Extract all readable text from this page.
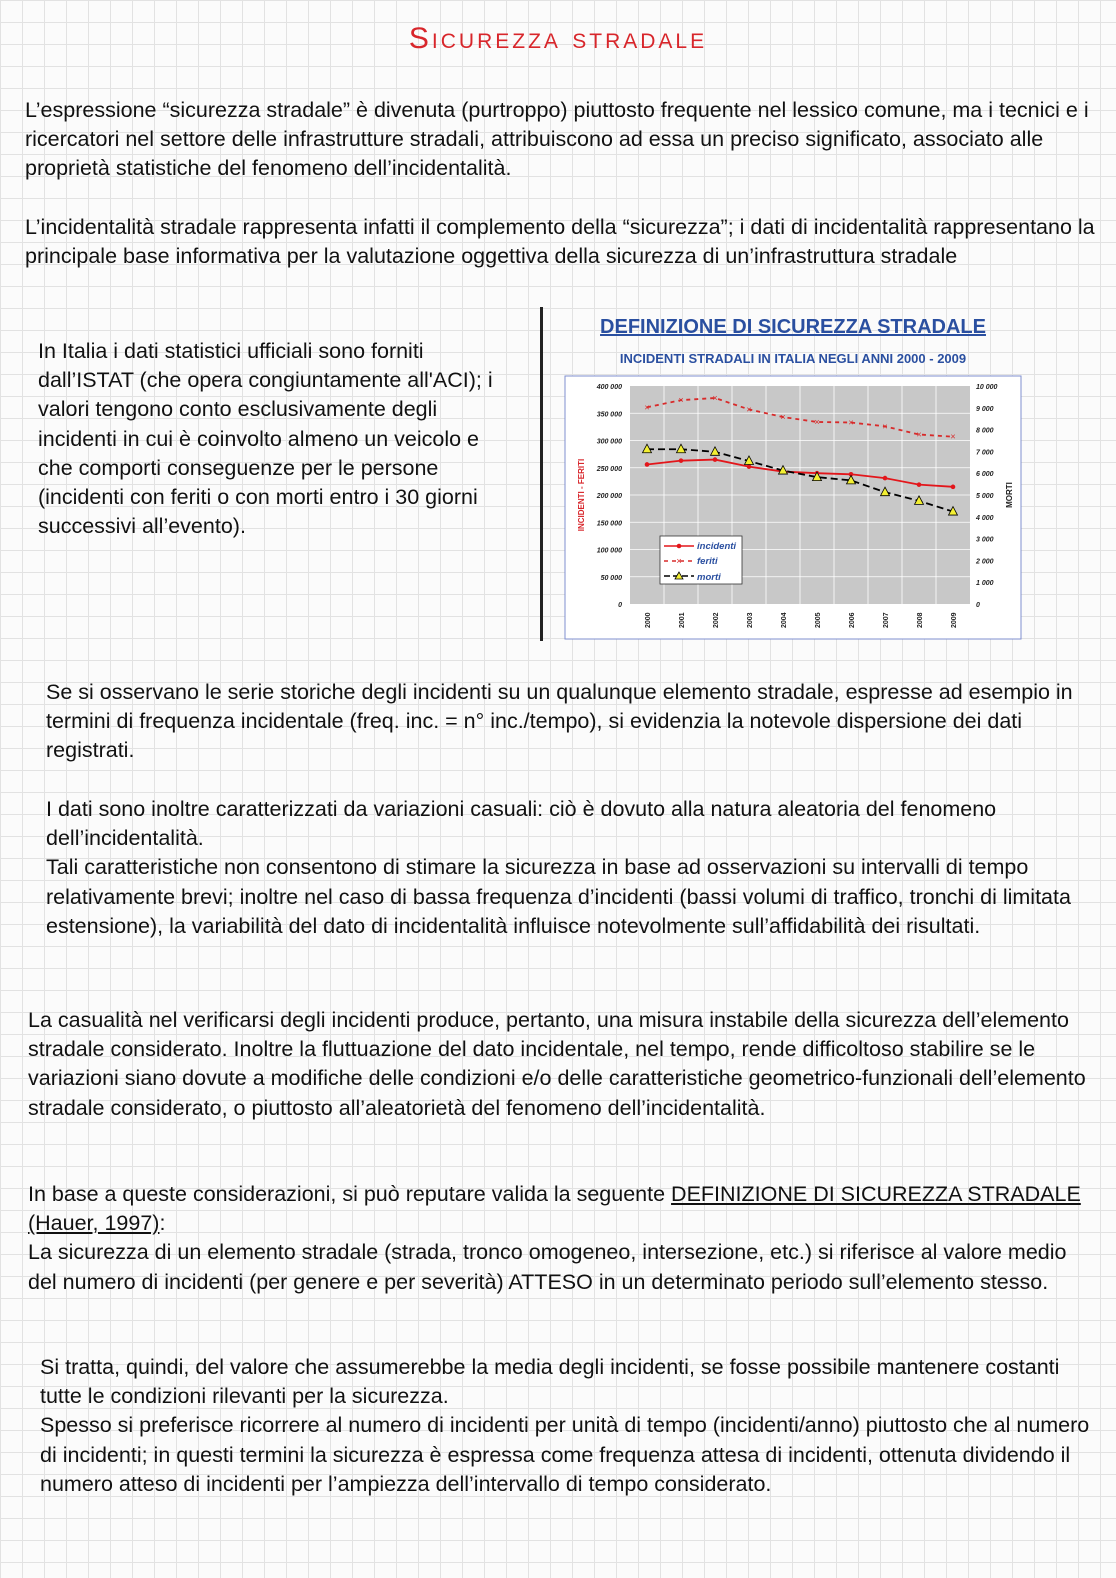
Sicurezza stradale

L’espressione “sicurezza stradale” è divenuta (purtroppo) piuttosto frequente nel lessico comune, ma i tecnici e i ricercatori nel settore delle infrastrutture stradali, attribuiscono ad essa un preciso significato, associato alle proprietà statistiche del fenomeno dell’incidentalità.

L’incidentalità stradale rappresenta infatti il complemento della “sicurezza”; i dati di incidentalità rappresentano la principale base informativa per la valutazione oggettiva della sicurezza di un’infrastruttura stradale

In Italia i dati statistici ufficiali sono forniti dall’ISTAT (che opera congiuntamente all'ACI); i valori tengono conto esclusivamente degli incidenti in cui è coinvolto almeno un veicolo e che comporti conseguenze per le persone (incidenti con feriti o con morti entro i 30 giorni successivi all’evento).

DEFINIZIONE DI SICUREZZA STRADALE
INCIDENTI STRADALI IN ITALIA NEGLI ANNI 2000 - 2009
×
×	×
×
×	×	×	×
×	×
INCIDENTI - FERITI	MORTI
400 000
350 000
300 000
250 000
200 000
150 000
100 000
50 000
0
10 000
9 000
8 000
7 000
6 000
5 000
4 000
3 000
2 000
1 000
0
2000	2001	2002	2003	2004	2005	2006	2007	2008	2009
incidenti
× feriti
morti

Se si osservano le serie storiche degli incidenti su un qualunque elemento stradale, espresse ad esempio in termini di frequenza incidentale (freq. inc. = n° inc./tempo), si evidenzia la notevole dispersione dei dati registrati.

I dati sono inoltre caratterizzati da variazioni casuali: ciò è dovuto alla natura aleatoria del fenomeno dell’incidentalità.
Tali caratteristiche non consentono di stimare la sicurezza in base ad osservazioni su intervalli di tempo relativamente brevi; inoltre nel caso di bassa frequenza d’incidenti (bassi volumi di traffico, tronchi di limitata estensione), la variabilità del dato di incidentalità influisce notevolmente sull’affidabilità dei risultati.

La casualità nel verificarsi degli incidenti produce, pertanto, una misura instabile della sicurezza dell’elemento stradale considerato. Inoltre la fluttuazione del dato incidentale, nel tempo, rende difficoltoso stabilire se le variazioni siano dovute a modifiche delle condizioni e/o delle caratteristiche geometrico-funzionali dell’elemento stradale considerato, o piuttosto all’aleatorietà del fenomeno dell’incidentalità.

In base a queste considerazioni, si può reputare valida la seguente DEFINIZIONE DI SICUREZZA STRADALE (Hauer, 1997):
La sicurezza di un elemento stradale (strada, tronco omogeneo, intersezione, etc.) si riferisce al valore medio del numero di incidenti (per genere e per severità) ATTESO in un determinato periodo sull’elemento stesso.

Si tratta, quindi, del valore che assumerebbe la media degli incidenti, se fosse possibile mantenere costanti tutte le condizioni rilevanti per la sicurezza.
Spesso si preferisce ricorrere al numero di incidenti per unità di tempo (incidenti/anno) piuttosto che al numero di incidenti; in questi termini la sicurezza è espressa come frequenza attesa di incidenti, ottenuta dividendo il numero atteso di incidenti per l’ampiezza dell’intervallo di tempo considerato.
